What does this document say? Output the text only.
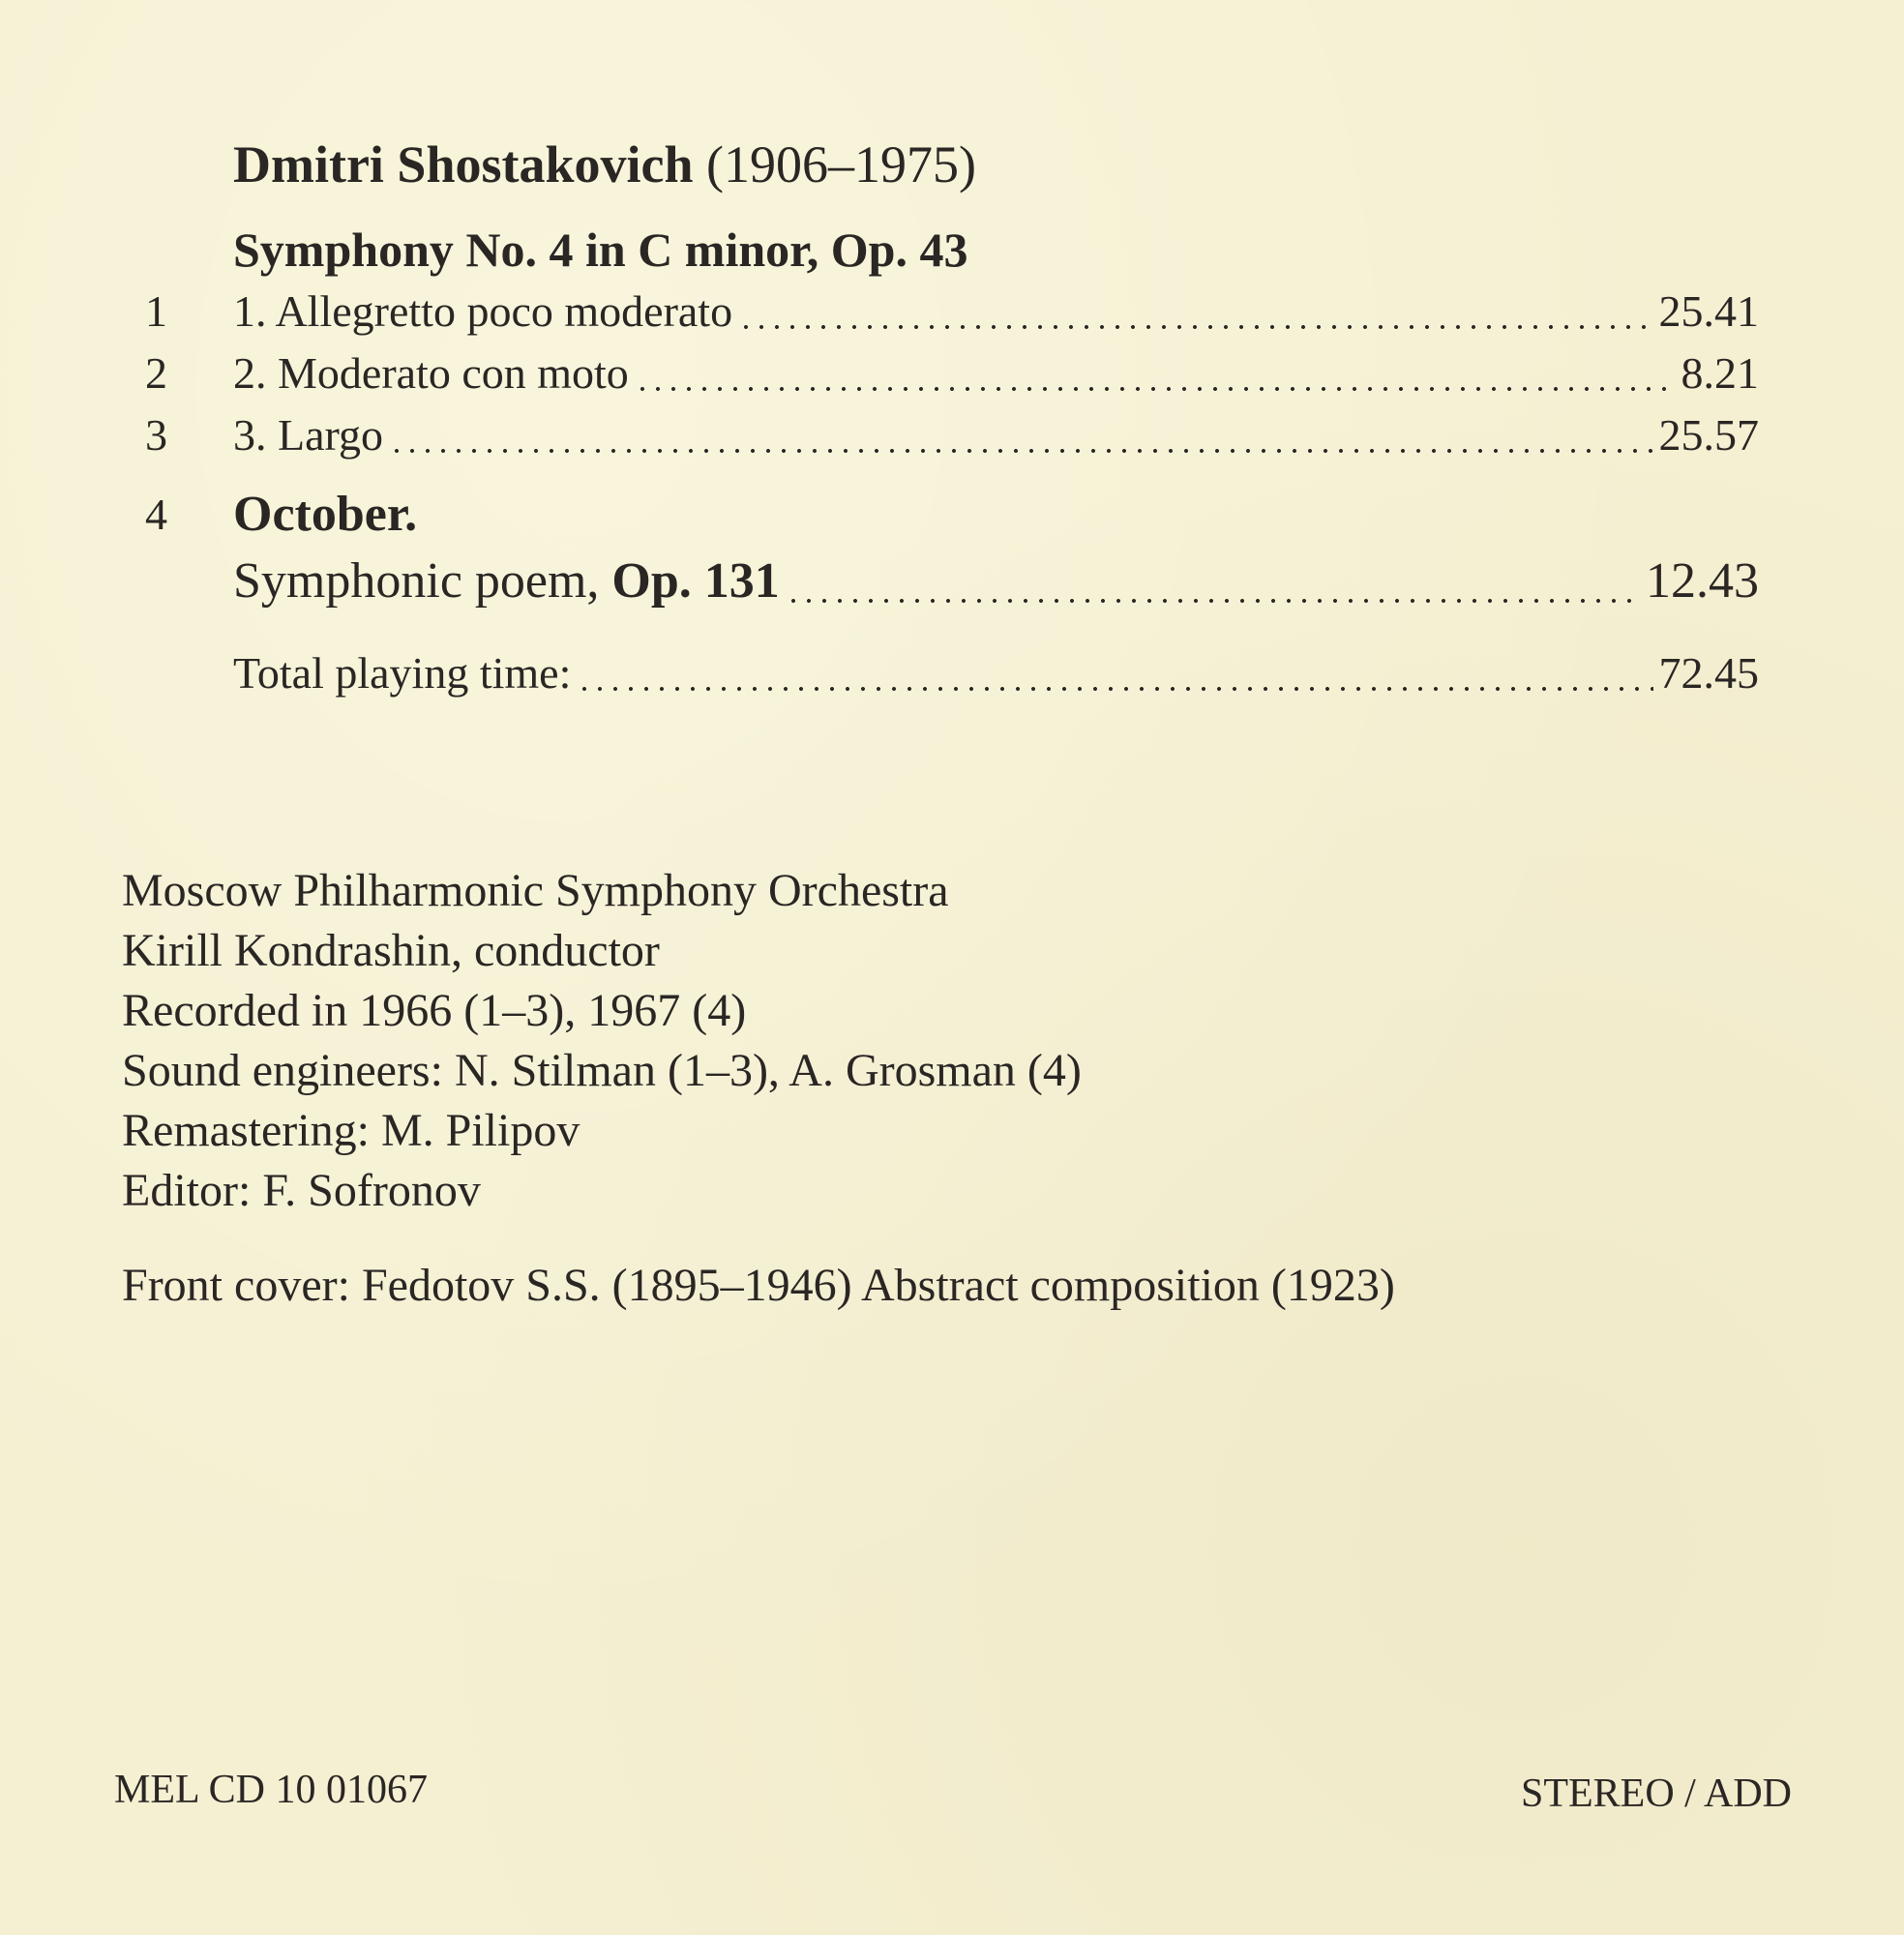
Dmitri Shostakovich (1906–1975)
Symphony No. 4 in C minor, Op. 43
1	1. Allegretto poco moderato	25.41
2	2. Moderato con moto	8.21
3	3. Largo	25.57
4 October.
Symphonic poem, Op. 131	12.43
Total playing time:	72.45
Moscow Philharmonic Symphony Orchestra
Kirill Kondrashin, conductor
Recorded in 1966 (1–3), 1967 (4)
Sound engineers: N. Stilman (1–3), A. Grosman (4)
Remastering: M. Pilipov
Editor: F. Sofronov
Front cover: Fedotov S.S. (1895–1946) Abstract composition (1923)
MEL CD 10 01067	STEREO / ADD
